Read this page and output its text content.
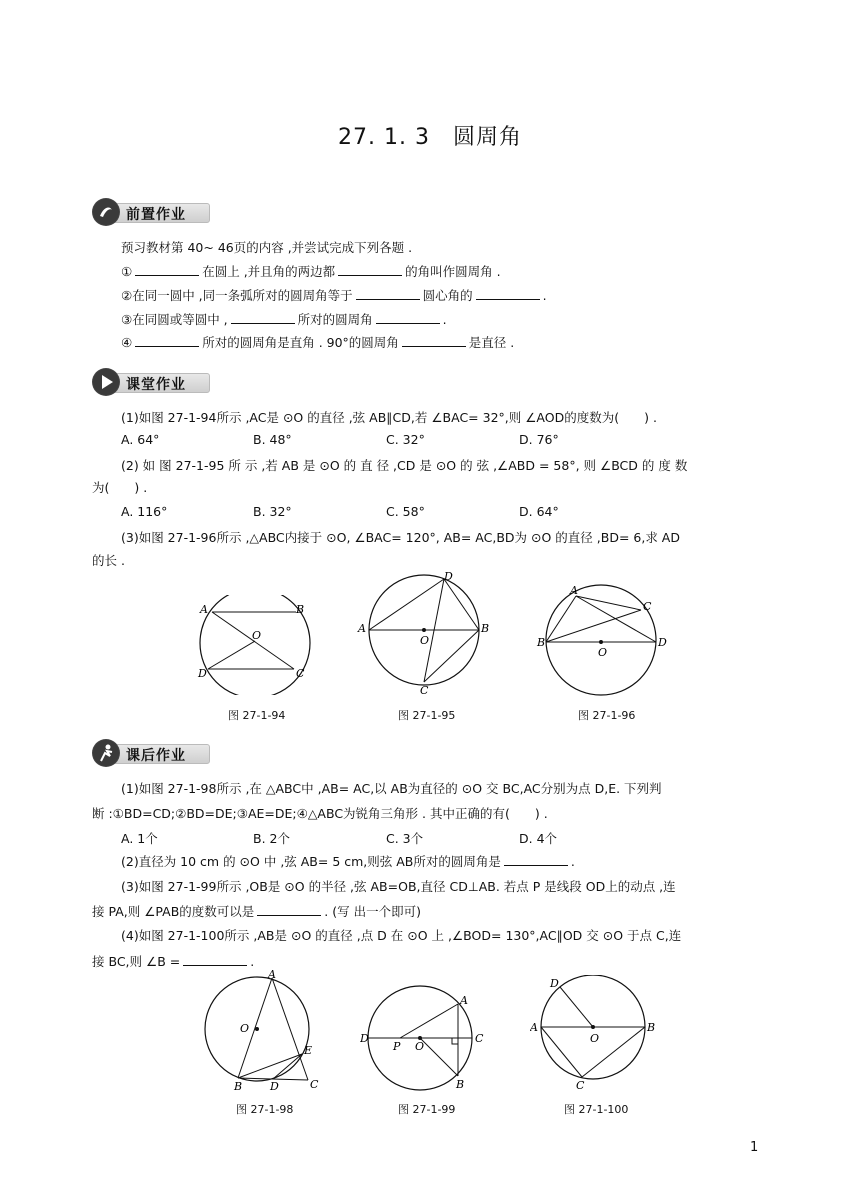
27. 1. 3　圆周角
前置作业
预习教材第 40~ 46页的内容 ,并尝试完成下列各题 .
①	在圆上 ,并且角的两边都	的角叫作圆周角 .
②在同一圆中 ,同一条弧所对的圆周角等于	圆心角的	.
③在同圆或等圆中 ,	所对的圆周角	.
④	所对的圆周角是直角 . 90°的圆周角	是直径 .
课堂作业
(1)如图 27-1-94所示 ,AC是 ⊙O 的直径 ,弦 AB∥CD,若 ∠BAC= 32°,则 ∠AOD的度数为(　　) .
A. 64°	B. 48°	C. 32°	D. 76°
(2) 如 图 27-1-95 所 示 ,若 AB 是 ⊙O 的 直 径 ,CD 是 ⊙O 的 弦 ,∠ABD = 58°, 则 ∠BCD 的 度 数
为(　　) .
A. 116°	B. 32°	C. 58°	D. 64°
(3)如图 27-1-96所示 ,△ABC内接于 ⊙O, ∠BAC= 120°, AB= AC,BD为 ⊙O 的直径 ,BD= 6,求 AD
的长 .
A	B
O
D	C
图 27-1-94
D
A
O
B
C
图 27-1-95
A
C
B
O
D
图 27-1-96
课后作业
(1)如图 27-1-98所示 ,在 △ABC中 ,AB= AC,以 AB为直径的 ⊙O 交 BC,AC分别为点 D,E. 下列判
断 :①BD=CD;②BD=DE;③AE=DE;④△ABC为锐角三角形 . 其中正确的有(　　) .
A. 1个	B. 2个	C. 3个	D. 4个
(2)直径为 10 cm 的 ⊙O 中 ,弦 AB= 5 cm,则弦 AB所对的圆周角是	.
(3)如图 27-1-99所示 ,OB是 ⊙O 的半径 ,弦 AB=OB,直径 CD⊥AB. 若点 P 是线段 OD上的动点 ,连
接 PA,则 ∠PAB的度数可以是	. (写 出一个即可)
(4)如图 27-1-100所示 ,AB是 ⊙O 的直径 ,点 D 在 ⊙O 上 ,∠BOD= 130°,AC∥OD 交 ⊙O 于点 C,连
接 BC,则 ∠B =	.
A
O
E
B	D	C
图 27-1-98
A
D
P O
C
B
图 27-1-99
D
A
O
B
C
图 27-1-100
1
